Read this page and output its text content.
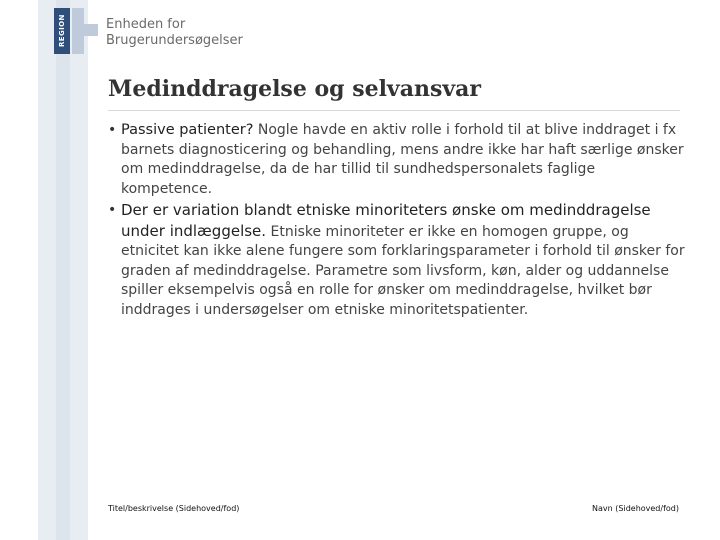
REGION	Enheden for
Brugerundersøgelser
Medinddragelse og selvansvar
• Passive patienter? Nogle havde en aktiv rolle i forhold til at blive inddraget i fx barnets diagnosticering og behandling, mens andre ikke har haft særlige ønsker om medinddragelse, da de har tillid til sundhedspersonalets faglige kompetence.
• Der er variation blandt etniske minoriteters ønske om medinddragelse under indlæggelse. Etniske minoriteter er ikke en homogen gruppe, og etnicitet kan ikke alene fungere som forklaringsparameter i forhold til ønsker for graden af medinddragelse. Parametre som livsform, køn, alder og uddannelse spiller eksempelvis også en rolle for ønsker om medinddragelse, hvilket bør inddrages i undersøgelser om etniske minoritetspatienter.
Titel/beskrivelse (Sidehoved/fod)	Navn (Sidehoved/fod)
